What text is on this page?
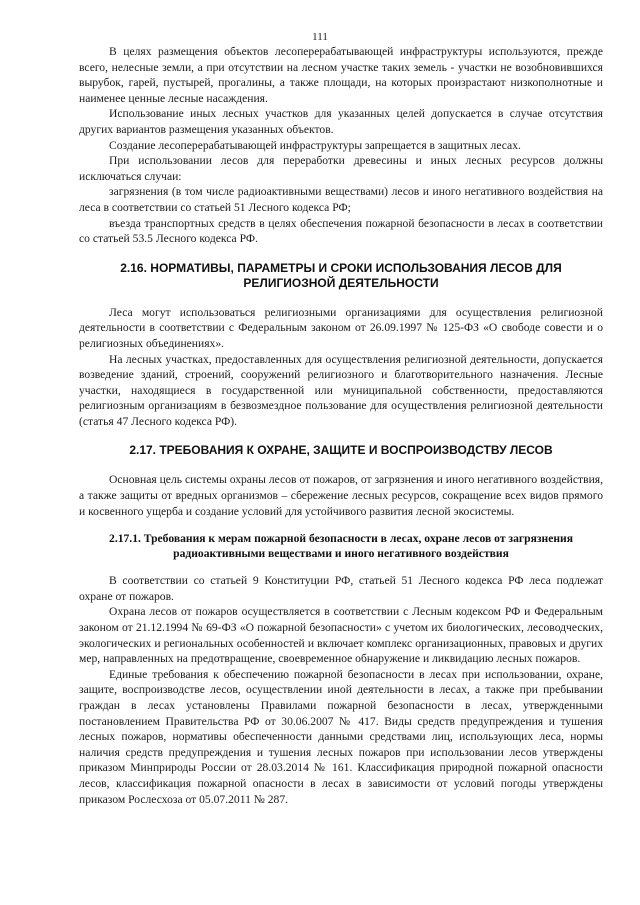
111

В целях размещения объектов лесоперерабатывающей инфраструктуры используются, прежде всего, нелесные земли, а при отсутствии на лесном участке таких земель - участки не возобновившихся вырубок, гарей, пустырей, прогалины, а также площади, на которых произрастают низкополнотные и наименее ценные лесные насаждения.

Использование иных лесных участков для указанных целей допускается в случае отсутствия других вариантов размещения указанных объектов.

Создание лесоперерабатывающей инфраструктуры запрещается в защитных лесах.

При использовании лесов для переработки древесины и иных лесных ресурсов должны исключаться случаи:

загрязнения (в том числе радиоактивными веществами) лесов и иного негативного воздействия на леса в соответствии со статьей 51 Лесного кодекса РФ;

въезда транспортных средств в целях обеспечения пожарной безопасности в лесах в соответствии со статьей 53.5 Лесного кодекса РФ.

2.16. НОРМАТИВЫ, ПАРАМЕТРЫ И СРОКИ ИСПОЛЬЗОВАНИЯ ЛЕСОВ ДЛЯ РЕЛИГИОЗНОЙ ДЕЯТЕЛЬНОСТИ

Леса могут использоваться религиозными организациями для осуществления религиозной деятельности в соответствии с Федеральным законом от 26.09.1997 № 125-ФЗ «О свободе совести и о религиозных объединениях».

На лесных участках, предоставленных для осуществления религиозной деятельности, допускается возведение зданий, строений, сооружений религиозного и благотворительного назначения. Лесные участки, находящиеся в государственной или муниципальной собственности, предоставляются религиозным организациям в безвозмездное пользование для осуществления религиозной деятельности (статья 47 Лесного кодекса РФ).

2.17. ТРЕБОВАНИЯ К ОХРАНЕ, ЗАЩИТЕ И ВОСПРОИЗВОДСТВУ ЛЕСОВ

Основная цель системы охраны лесов от пожаров, от загрязнения и иного негативного воздействия, а также защиты от вредных организмов – сбережение лесных ресурсов, сокращение всех видов прямого и косвенного ущерба и создание условий для устойчивого развития лесной экосистемы.

2.17.1. Требования к мерам пожарной безопасности в лесах, охране лесов от загрязнения радиоактивными веществами и иного негативного воздействия

В соответствии со статьей 9 Конституции РФ, статьей 51 Лесного кодекса РФ леса подлежат охране от пожаров.

Охрана лесов от пожаров осуществляется в соответствии с Лесным кодексом РФ и Федеральным законом от 21.12.1994 № 69-ФЗ «О пожарной безопасности» с учетом их биологических, лесоводческих, экологических и региональных особенностей и включает комплекс организационных, правовых и других мер, направленных на предотвращение, своевременное обнаружение и ликвидацию лесных пожаров.

Единые требования к обеспечению пожарной безопасности в лесах при использовании, охране, защите, воспроизводстве лесов, осуществлении иной деятельности в лесах, а также при пребывании граждан в лесах установлены Правилами пожарной безопасности в лесах, утвержденными постановлением Правительства РФ от 30.06.2007 № 417. Виды средств предупреждения и тушения лесных пожаров, нормативы обеспеченности данными средствами лиц, использующих леса, нормы наличия средств предупреждения и тушения лесных пожаров при использовании лесов утверждены приказом Минприроды России от 28.03.2014 № 161. Классификация природной пожарной опасности лесов, классификация пожарной опасности в лесах в зависимости от условий погоды утверждены приказом Рослесхоза от 05.07.2011 № 287.
